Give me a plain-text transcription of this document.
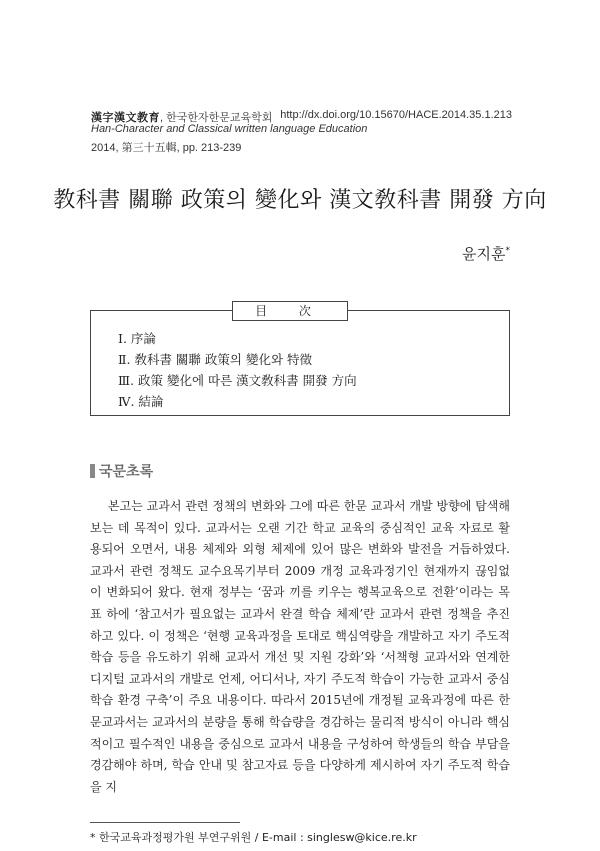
漢字漢文教育, 한국한자한문교육학회
Han-Character and Classical written language Education
2014, 第三十五輯, pp. 213-239
http://dx.doi.org/10.15670/HACE.2014.35.1.213
教科書 關聯 政策의 變化와 漢文敎科書 開發 方向
윤지훈*
目 次
Ⅰ. 序論
Ⅱ. 敎科書 關聯 政策의 變化와 特徵
Ⅲ. 政策 變化에 따른 漢文敎科書 開發 方向
Ⅳ. 結論
국문초록

본고는 교과서 관련 정책의 변화와 그에 따른 한문 교과서 개발 방향에 탐색해 보는 데 목적이 있다. 교과서는 오랜 기간 학교 교육의 중심적인 교육 자료로 활용되어 오면서, 내용 체제와 외형 체제에 있어 많은 변화와 발전을 거듭하였다. 교과서 관련 정책도 교수요목기부터 2009 개정 교육과정기인 현재까지 끊임없이 변화되어 왔다. 현재 정부는 ‘꿈과 끼를 키우는 행복교육으로 전환’이라는 목표 하에 ‘참고서가 필요없는 교과서 완결 학습 체제’란 교과서 관련 정책을 추진하고 있다. 이 정책은 ‘현행 교육과정을 토대로 핵심역량을 개발하고 자기 주도적 학습 등을 유도하기 위해 교과서 개선 및 지원 강화’와 ‘서책형 교과서와 연계한 디지털 교과서의 개발로 언제, 어디서나, 자기 주도적 학습이 가능한 교과서 중심 학습 환경 구축’이 주요 내용이다. 따라서 2015년에 개정될 교육과정에 따른 한문교과서는 교과서의 분량을 통해 학습량을 경감하는 물리적 방식이 아니라 핵심적이고 필수적인 내용을 중심으로 교과서 내용을 구성하여 학생들의 학습 부담을 경감해야 하며, 학습 안내 및 참고자료 등을 다양하게 제시하여 자기 주도적 학습을 지

* 한국교육과정평가원 부연구위원 / E-mail : singlesw@kice.re.kr
